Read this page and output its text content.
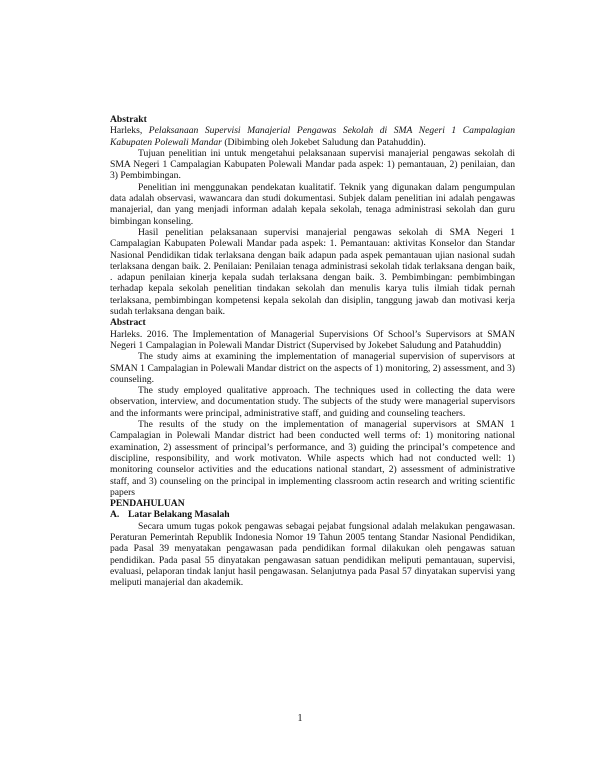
Abstrakt

Harleks, Pelaksanaan Supervisi Manajerial Pengawas Sekolah di SMA Negeri 1 Campalagian Kabupaten Polewali Mandar (Dibimbing oleh Jokebet Saludung dan Patahuddin).

Tujuan penelitian ini untuk mengetahui pelaksanaan supervisi manajerial pengawas sekolah di SMA Negeri 1 Campalagian Kabupaten Polewali Mandar pada aspek: 1) pemantauan, 2) penilaian, dan 3) Pembimbingan.

Penelitian ini menggunakan pendekatan kualitatif. Teknik yang digunakan dalam pengumpulan data adalah observasi, wawancara dan studi dokumentasi. Subjek dalam penelitian ini adalah pengawas manajerial, dan yang menjadi informan adalah kepala sekolah, tenaga administrasi sekolah dan guru bimbingan konseling.

Hasil penelitian pelaksanaan supervisi manajerial pengawas sekolah di SMA Negeri 1 Campalagian Kabupaten Polewali Mandar pada aspek: 1. Pemantauan: aktivitas Konselor dan Standar Nasional Pendidikan tidak terlaksana dengan baik adapun pada aspek pemantauan ujian nasional sudah terlaksana dengan baik. 2. Penilaian: Penilaian tenaga administrasi sekolah tidak terlaksana dengan baik, . adapun penilaian kinerja kepala sudah terlaksana dengan baik. 3. Pembimbingan: pembimbingan terhadap kepala sekolah penelitian tindakan sekolah dan menulis karya tulis ilmiah tidak pernah terlaksana, pembimbingan kompetensi kepala sekolah dan disiplin, tanggung jawab dan motivasi kerja sudah terlaksana dengan baik.

Abstract

Harleks. 2016. The Implementation of Managerial Supervisions Of School’s Supervisors at SMAN Negeri 1 Campalagian in Polewali Mandar District (Supervised by Jokebet Saludung and Patahuddin)

The study aims at examining the implementation of managerial supervision of supervisors at SMAN 1 Campalagian in Polewali Mandar district on the aspects of 1) monitoring, 2) assessment, and 3) counseling.

The study employed qualitative approach. The techniques used in collecting the data were observation, interview, and documentation study. The subjects of the study were managerial supervisors and the informants were principal, administrative staff, and guiding and counseling teachers.

The results of the study on the implementation of managerial supervisors at SMAN 1 Campalagian in Polewali Mandar district had been conducted well terms of: 1) monitoring national examination, 2) assessment of principal’s performance, and 3) guiding the principal’s competence and discipline, responsibility, and work motivaton. While aspects which had not conducted well: 1) monitoring counselor activities and the educations national standart, 2) assessment of administrative staff, and 3) counseling on the principal in implementing classroom actin research and writing scientific papers

PENDAHULUAN

A. Latar Belakang Masalah

Secara umum tugas pokok pengawas sebagai pejabat fungsional adalah melakukan pengawasan. Peraturan Pemerintah Republik Indonesia Nomor 19 Tahun 2005 tentang Standar Nasional Pendidikan, pada Pasal 39 menyatakan pengawasan pada pendidikan formal dilakukan oleh pengawas satuan pendidikan. Pada pasal 55 dinyatakan pengawasan satuan pendidikan meliputi pemantauan, supervisi, evaluasi, pelaporan tindak lanjut hasil pengawasan. Selanjutnya pada Pasal 57 dinyatakan supervisi yang meliputi manajerial dan akademik.

1
